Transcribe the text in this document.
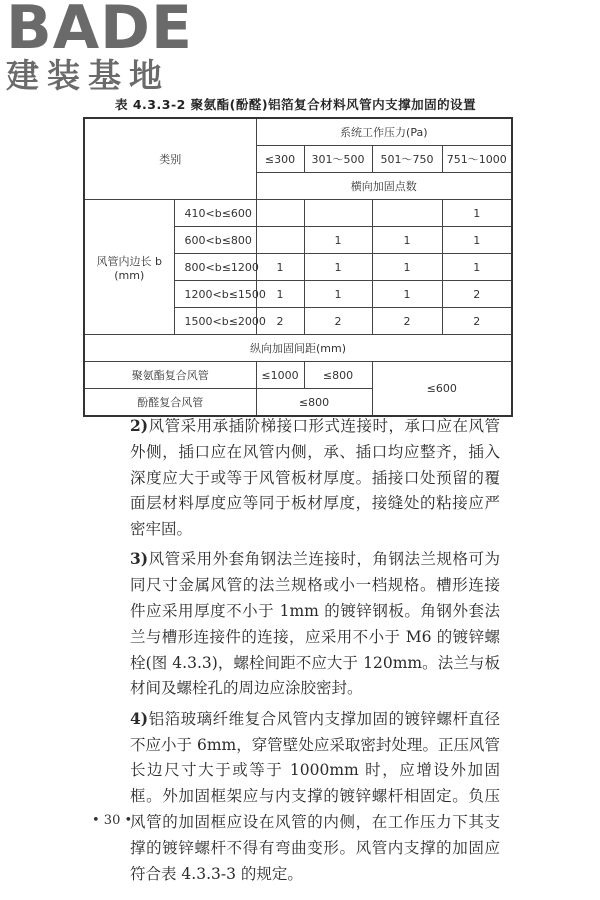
BADE
建装基地
表 4.3.3-2 聚氨酯(酚醛)铝箔复合材料风管内支撑加固的设置
类别		系统工作压力(Pa)			
		≤300	301～500	501～750	751～1000
		横向加固点数			
风管内边长 b
(mm)	410<b≤600				1
	600<b≤800		1	1	1
	800<b≤1200	1	1	1	1
	1200<b≤1500	1	1	1	2
	1500<b≤2000	2	2	2	2
纵向加固间距(mm)					
聚氨酯复合风管		≤1000	≤800	≤600	
酚醛复合风管		≤800			

2)风管采用承插阶梯接口形式连接时，承口应在风管外侧，插口应在风管内侧，承、插口均应整齐，插入深度应大于或等于风管板材厚度。插接口处预留的覆面层材料厚度应等同于板材厚度，接缝处的粘接应严密牢固。

3)风管采用外套角钢法兰连接时，角钢法兰规格可为同尺寸金属风管的法兰规格或小一档规格。槽形连接件应采用厚度不小于 1mm 的镀锌钢板。角钢外套法兰与槽形连接件的连接，应采用不小于 M6 的镀锌螺栓(图 4.3.3)，螺栓间距不应大于 120mm。法兰与板材间及螺栓孔的周边应涂胶密封。

4)铝箔玻璃纤维复合风管内支撑加固的镀锌螺杆直径不应小于 6mm，穿管壁处应采取密封处理。正压风管长边尺寸大于或等于 1000mm 时，应增设外加固框。外加固框架应与内支撑的镀锌螺杆相固定。负压风管的加固框应设在风管的内侧，在工作压力下其支撑的镀锌螺杆不得有弯曲变形。风管内支撑的加固应符合表 4.3.3-3 的规定。

• 30 •
